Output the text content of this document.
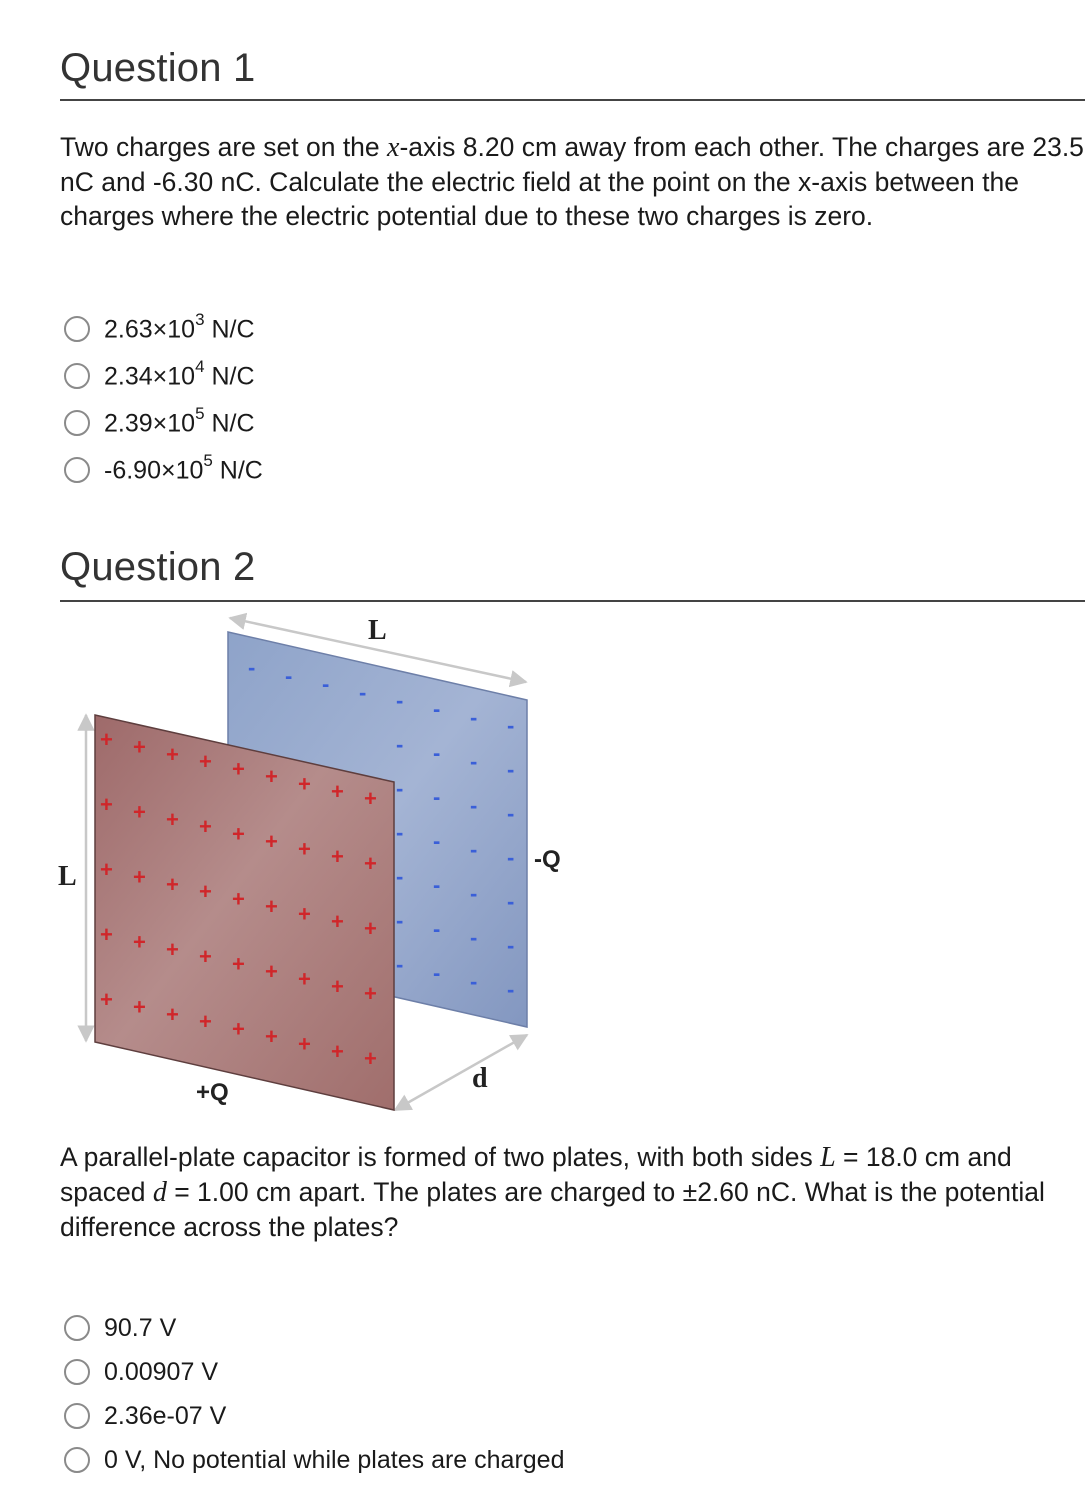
Question 1
Two charges are set on the x-axis 8.20 cm away from each other. The charges are 23.5 nC and -6.30 nC. Calculate the electric field at the point on the x-axis between the charges where the electric potential due to these two charges is zero.
$2.63\times 10^3$ N/C
$2.34\times 10^4$ N/C
$2.39\times 10^5$ N/C
$-6.90\times 10^5$ N/C
Question 2
L
- - - - - - - -
- - - -
- - - -
- - - -
- - - -
- - - -
- - - -
L
d
+ + + + + + + + +
+ + + + + + + + +
+ + + + + + + + +
+ + + + + + + + +
+ + + + + + + + +
-Q
+Q
A parallel-plate capacitor is formed of two plates, with both sides L = 18.0 cm and spaced d = 1.00 cm apart. The plates are charged to ±2.60 nC. What is the potential difference across the plates?
90.7 V
0.00907 V
2.36e-07 V
0 V, No potential while plates are charged
